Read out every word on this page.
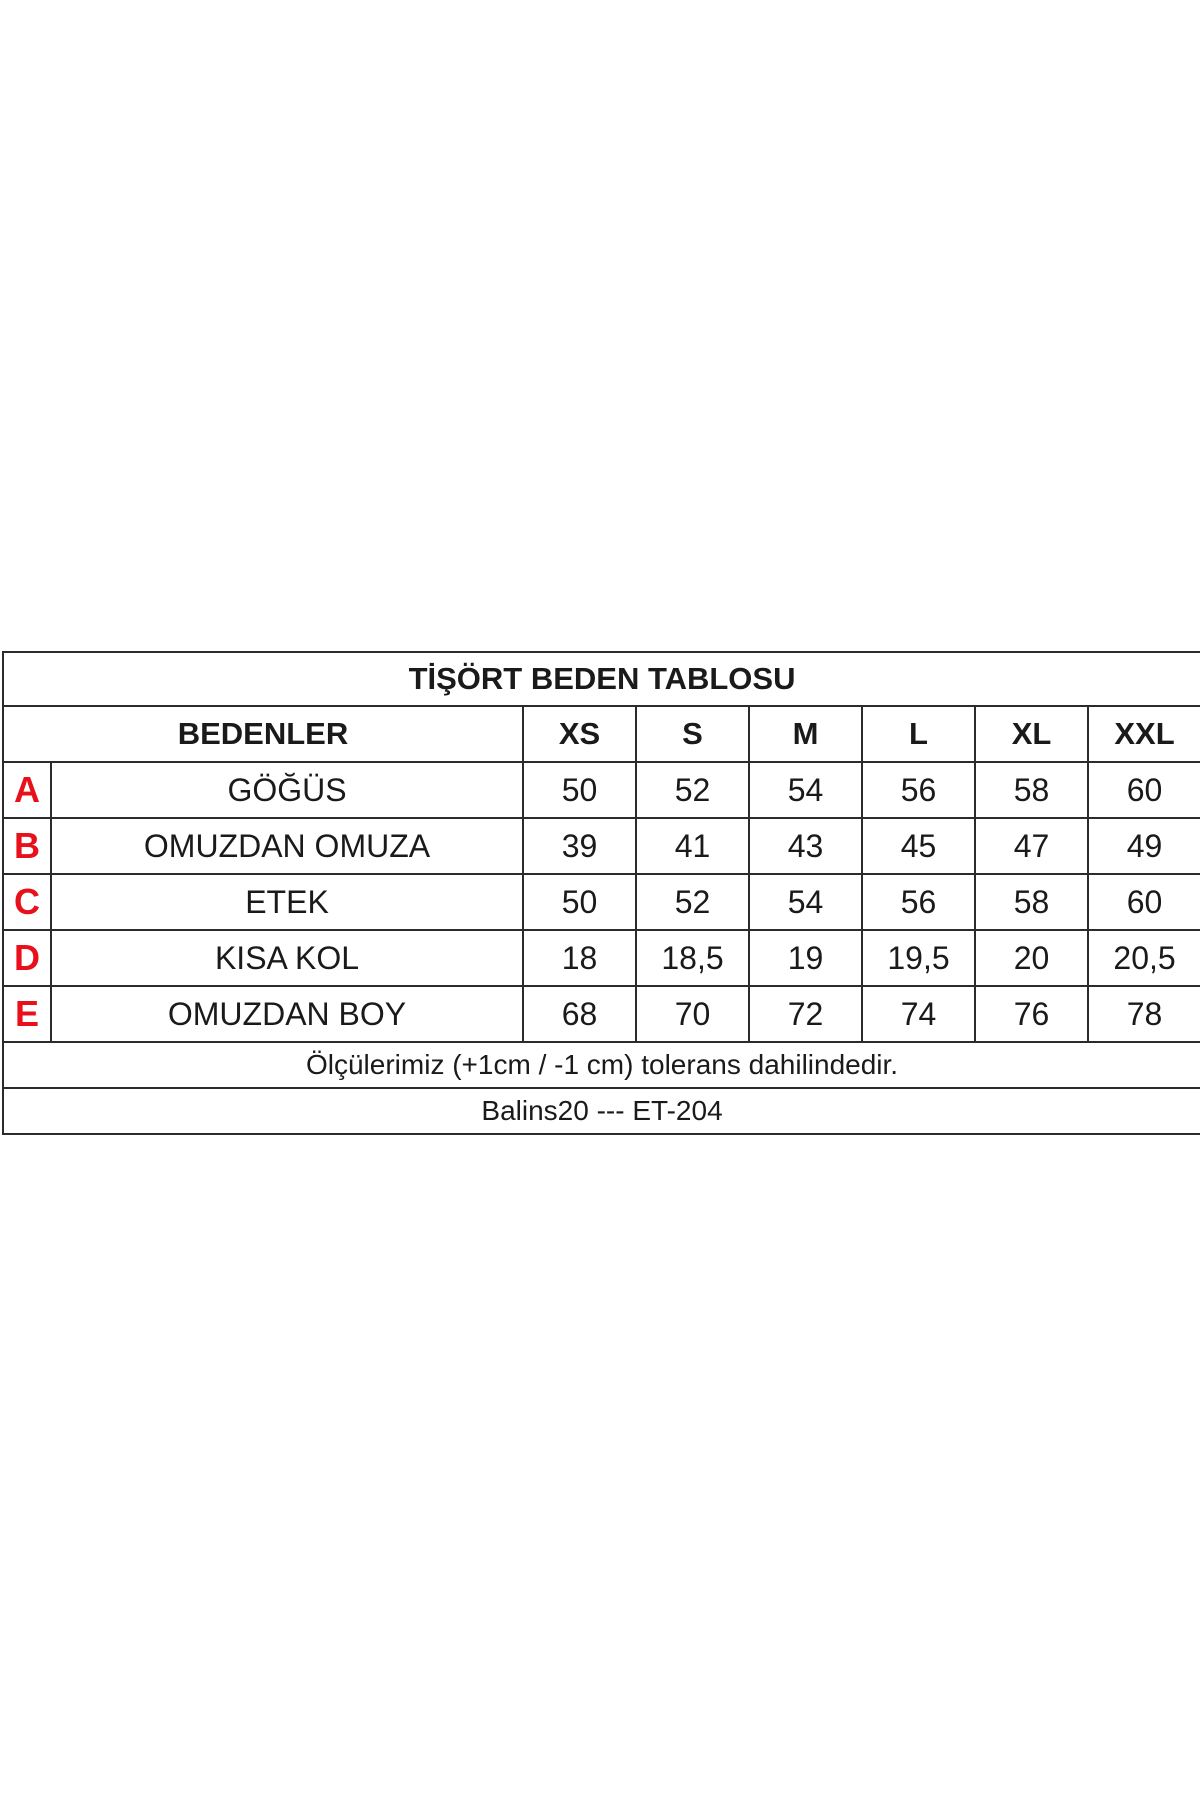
TİŞÖRT BEDEN TABLOSU							
BEDENLER		XS	S	M	L	XL	XXL
A	GÖĞÜS	50	52	54	56	58	60
B	OMUZDAN OMUZA	39	41	43	45	47	49
C	ETEK	50	52	54	56	58	60
D	KISA KOL	18	18,5	19	19,5	20	20,5
E	OMUZDAN BOY	68	70	72	74	76	78
Ölçülerimiz (+1cm / -1 cm) tolerans dahilindedir.							
Balins20 --- ET-204							
